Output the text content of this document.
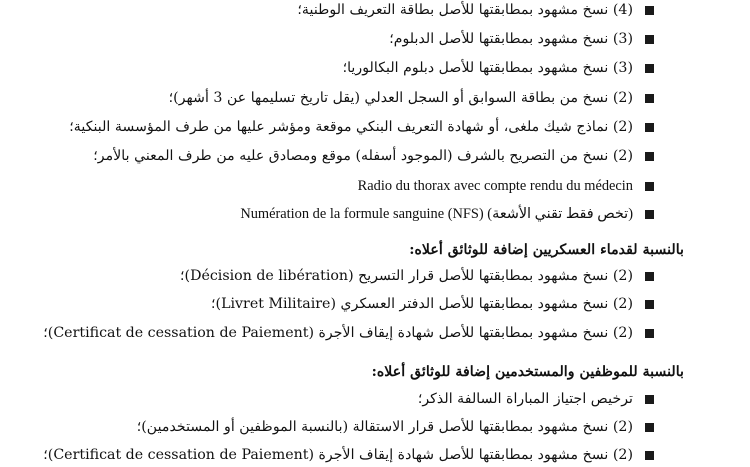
(4) نسخ مشهود بمطابقتها للأصل بطاقة التعريف الوطنية؛
(3) نسخ مشهود بمطابقتها للأصل الدبلوم؛
(3) نسخ مشهود بمطابقتها للأصل دبلوم البكالوريا؛
(2) نسخ من بطاقة السوابق أو السجل العدلي (يقل تاريخ تسليمها عن 3 أشهر)؛
(2) نماذج شيك ملغى، أو شهادة التعريف البنكي موقعة ومؤشر عليها من طرف المؤسسة البنكية؛
(2) نسخ من التصريح بالشرف (الموجود أسفله) موقع ومصادق عليه من طرف المعني بالأمر؛
Radio du thorax avec compte rendu du médecin
Numération de la formule sanguine (NFS) (تخص فقط تقني الأشعة)
بالنسبة لقدماء العسكريين إضافة للوثائق أعلاه:
(2) نسخ مشهود بمطابقتها للأصل قرار التسريح (Décision de libération)؛
(2) نسخ مشهود بمطابقتها للأصل الدفتر العسكري (Livret Militaire)؛
(2) نسخ مشهود بمطابقتها للأصل شهادة إيقاف الأجرة (Certificat de cessation de Paiement)؛
بالنسبة للموظفين والمستخدمين إضافة للوثائق أعلاه:
ترخيص اجتياز المباراة السالفة الذكر؛
(2) نسخ مشهود بمطابقتها للأصل قرار الاستقالة (بالنسبة الموظفين أو المستخدمين)؛
(2) نسخ مشهود بمطابقتها للأصل شهادة إيقاف الأجرة (Certificat de cessation de Paiement)؛
